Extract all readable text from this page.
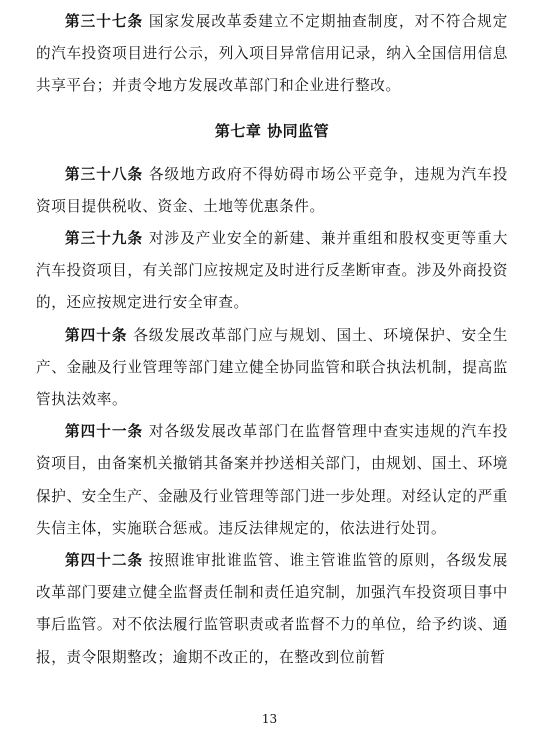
第三十七条 国家发展改革委建立不定期抽查制度，对不符合规定的汽车投资项目进行公示，列入项目异常信用记录，纳入全国信用信息共享平台；并责令地方发展改革部门和企业进行整改。

第七章 协同监管

第三十八条 各级地方政府不得妨碍市场公平竞争，违规为汽车投资项目提供税收、资金、土地等优惠条件。

第三十九条 对涉及产业安全的新建、兼并重组和股权变更等重大汽车投资项目，有关部门应按规定及时进行反垄断审查。涉及外商投资的，还应按规定进行安全审查。

第四十条 各级发展改革部门应与规划、国土、环境保护、安全生产、金融及行业管理等部门建立健全协同监管和联合执法机制，提高监管执法效率。

第四十一条 对各级发展改革部门在监督管理中查实违规的汽车投资项目，由备案机关撤销其备案并抄送相关部门，由规划、国土、环境保护、安全生产、金融及行业管理等部门进一步处理。对经认定的严重失信主体，实施联合惩戒。违反法律规定的，依法进行处罚。

第四十二条 按照谁审批谁监管、谁主管谁监管的原则，各级发展改革部门要建立健全监督责任制和责任追究制，加强汽车投资项目事中事后监管。对不依法履行监管职责或者监督不力的单位，给予约谈、通报，责令限期整改；逾期不改正的，在整改到位前暂

13
